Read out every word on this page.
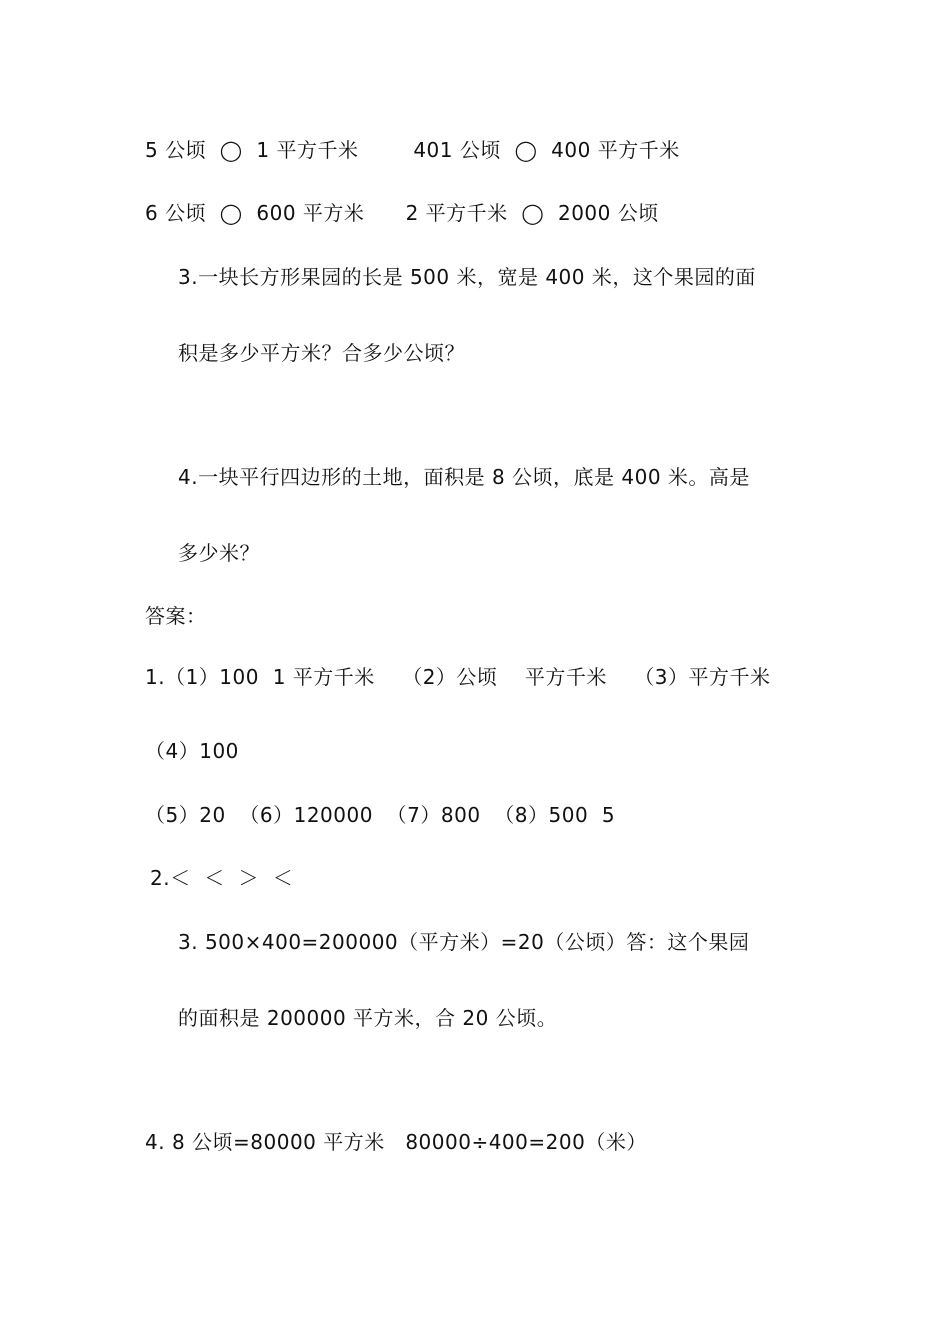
5 公顷  ◯  1 平方千米        401 公顷  ◯  400 平方千米
6 公顷  ◯  600 平方米      2 平方千米  ◯  2000 公顷
3.一块长方形果园的长是 500 米，宽是 400 米，这个果园的面
积是多少平方米？合多少公顷？
4.一块平行四边形的土地，面积是 8 公顷，底是 400 米。高是
多少米？
答案：
1.（1）100  1 平方千米    （2）公顷    平方千米    （3）平方千米
（4）100
（5）20  （6）120000  （7）800  （8）500  5
2.＜  ＜  ＞  ＜
3. 500×400=200000（平方米）=20（公顷）答：这个果园
的面积是 200000 平方米，合 20 公顷。
4. 8 公顷=80000 平方米   80000÷400=200（米）
